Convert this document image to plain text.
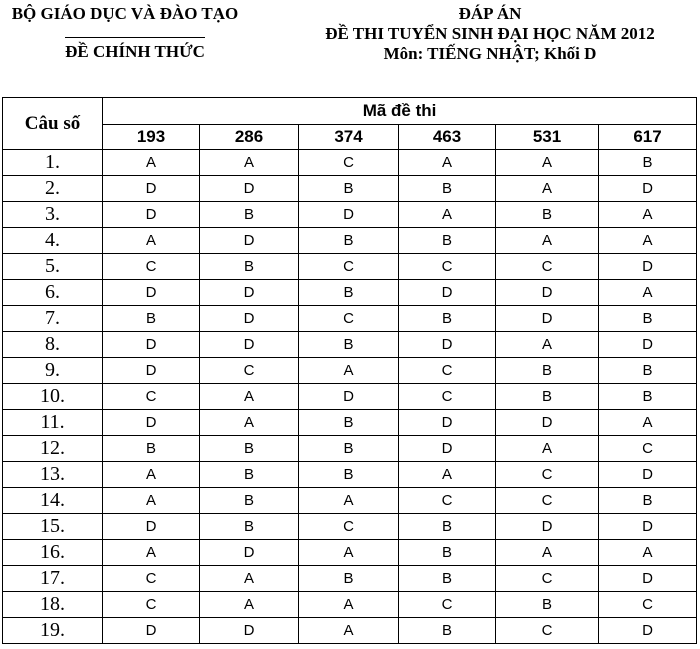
BỘ GIÁO DỤC VÀ ĐÀO TẠO
ĐỀ CHÍNH THỨC
ĐÁP ÁN
ĐỀ THI TUYỂN SINH ĐẠI HỌC NĂM 2012
Môn: TIẾNG NHẬT; Khối D
Câu số	Mã đề thi					
	193	286	374	463	531	617
1.	A	A	C	A	A	B
2.	D	D	B	B	A	D
3.	D	B	D	A	B	A
4.	A	D	B	B	A	A
5.	C	B	C	C	C	D
6.	D	D	B	D	D	A
7.	B	D	C	B	D	B
8.	D	D	B	D	A	D
9.	D	C	A	C	B	B
10.	C	A	D	C	B	B
11.	D	A	B	D	D	A
12.	B	B	B	D	A	C
13.	A	B	B	A	C	D
14.	A	B	A	C	C	B
15.	D	B	C	B	D	D
16.	A	D	A	B	A	A
17.	C	A	B	B	C	D
18.	C	A	A	C	B	C
19.	D	D	A	B	C	D
